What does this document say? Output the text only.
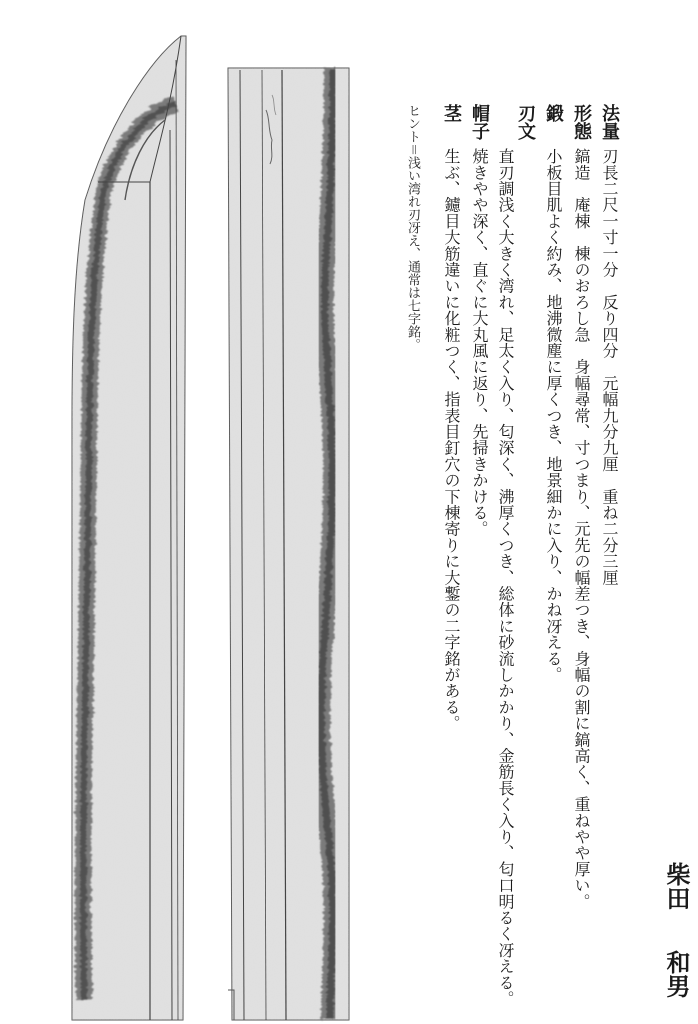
法量
刃長二尺一寸一分　反り四分　元幅九分九厘　重ね二分三厘
形態
鎬造　庵棟　棟のおろし急　身幅尋常、寸つまり、元先の幅差つき、身幅の割に鎬高く、重ねやや厚い。
鍛
小板目肌よく約み、地沸微塵に厚くつき、地景細かに入り、かね冴える。
刃文
直刃調浅く大きく湾れ、足太く入り、匂深く、沸厚くつき、総体に砂流しかかり、金筋長く入り、匂口明るく冴える。
帽子
焼きやや深く、直ぐに大丸風に返り、先掃きかける。
茎
生ぶ、鑢目大筋違いに化粧つく、指表目釘穴の下棟寄りに大鏨の二字銘がある。
ヒント＝浅い湾れ刃冴え、通常は七字銘。
柴田和男
